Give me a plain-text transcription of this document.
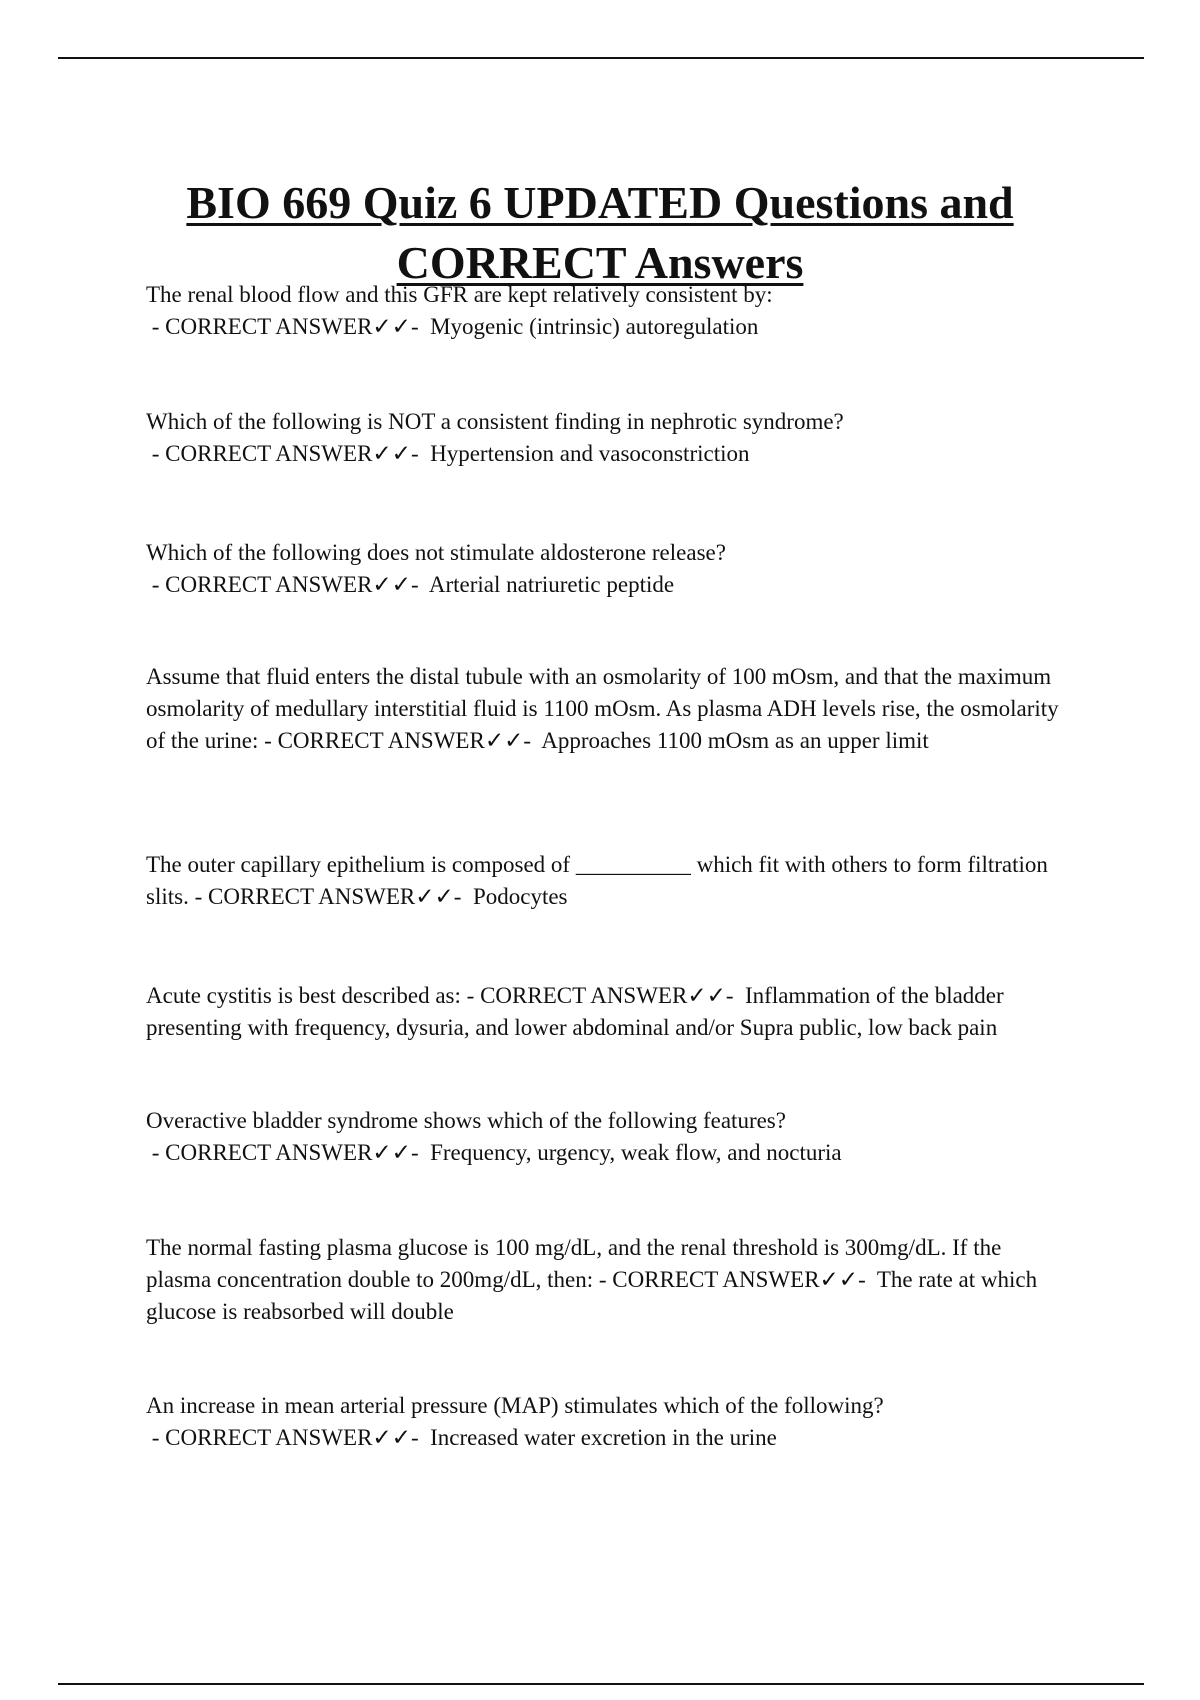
BIO 669 Quiz 6 UPDATED Questions and
CORRECT Answers

The renal blood flow and this GFR are kept relatively consistent by: - CORRECT ANSWER✓✓-  Myogenic (intrinsic) autoregulation

Which of the following is NOT a consistent finding in nephrotic syndrome? - CORRECT ANSWER✓✓-  Hypertension and vasoconstriction

Which of the following does not stimulate aldosterone release? - CORRECT ANSWER✓✓-  Arterial natriuretic peptide

Assume that fluid enters the distal tubule with an osmolarity of 100 mOsm, and that the maximum osmolarity of medullary interstitial fluid is 1100 mOsm. As plasma ADH levels rise, the osmolarity of the urine: - CORRECT ANSWER✓✓-  Approaches 1100 mOsm as an upper limit

The outer capillary epithelium is composed of __________ which fit with others to form filtration slits. - CORRECT ANSWER✓✓-  Podocytes

Acute cystitis is best described as: - CORRECT ANSWER✓✓-  Inflammation of the bladder presenting with frequency, dysuria, and lower abdominal and/or Supra public, low back pain

Overactive bladder syndrome shows which of the following features? - CORRECT ANSWER✓✓-  Frequency, urgency, weak flow, and nocturia

The normal fasting plasma glucose is 100 mg/dL, and the renal threshold is 300mg/dL. If the plasma concentration double to 200mg/dL, then: - CORRECT ANSWER✓✓-  The rate at which glucose is reabsorbed will double

An increase in mean arterial pressure (MAP) stimulates which of the following? - CORRECT ANSWER✓✓-  Increased water excretion in the urine
